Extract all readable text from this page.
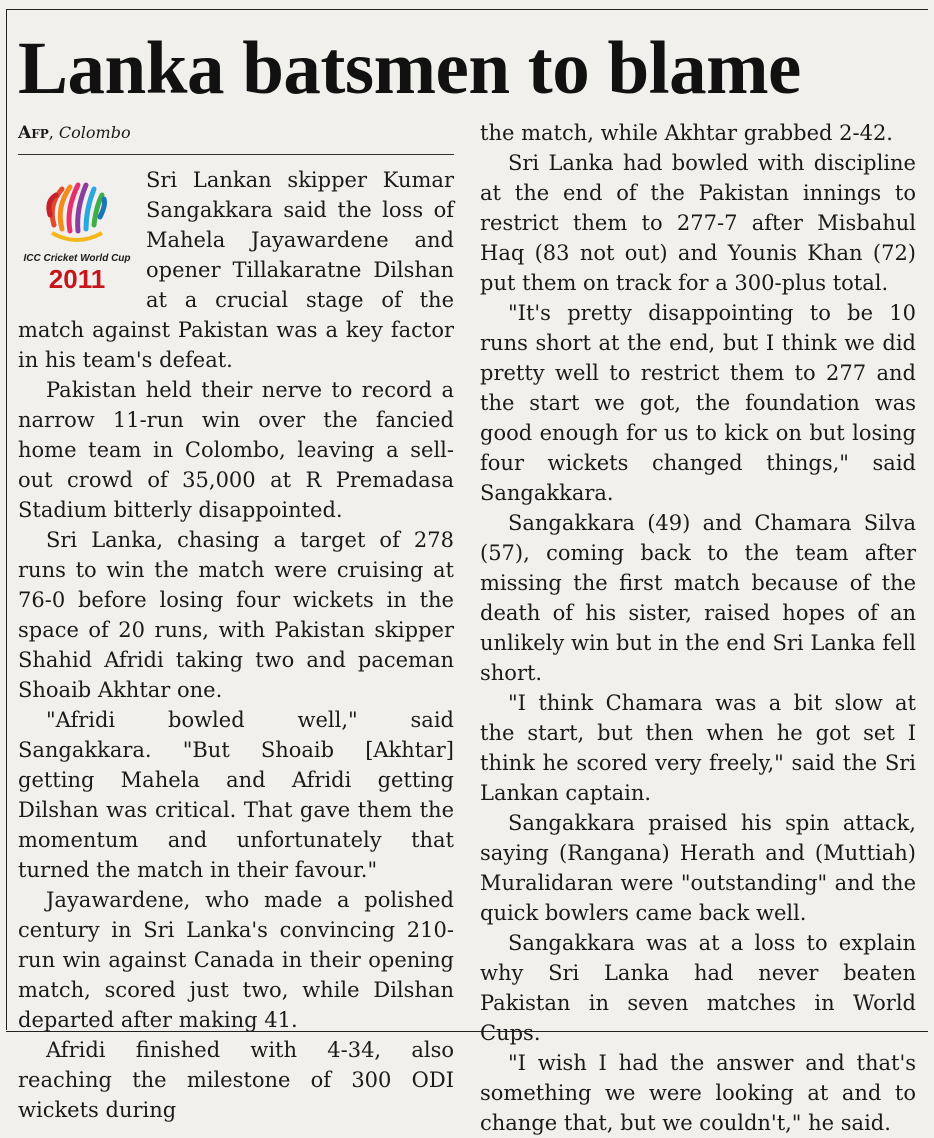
Lanka batsmen to blame
Afp, Colombo
ICC Cricket World Cup
2011

Sri Lankan skipper Kumar Sangakkara said the loss of Mahela Jayawardene and opener Tillakaratne Dilshan at a crucial stage of the match against Pakistan was a key factor in his team's defeat.

Pakistan held their nerve to record a narrow 11-run win over the fancied home team in Colombo, leaving a sell-out crowd of 35,000 at R Premadasa Stadium bitterly disappointed.

Sri Lanka, chasing a target of 278 runs to win the match were cruising at 76-0 before losing four wickets in the space of 20 runs, with Pakistan skipper Shahid Afridi taking two and paceman Shoaib Akhtar one.

"Afridi bowled well," said Sangakkara. "But Shoaib [Akhtar] getting Mahela and Afridi getting Dilshan was critical. That gave them the momentum and unfortunately that turned the match in their favour."

Jayawardene, who made a polished century in Sri Lanka's convincing 210-run win against Canada in their opening match, scored just two, while Dilshan departed after making 41.

Afridi finished with 4-34, also reaching the milestone of 300 ODI wickets during

the match, while Akhtar grabbed 2-42.

Sri Lanka had bowled with discipline at the end of the Pakistan innings to restrict them to 277-7 after Misbahul Haq (83 not out) and Younis Khan (72) put them on track for a 300-plus total.

"It's pretty disappointing to be 10 runs short at the end, but I think we did pretty well to restrict them to 277 and the start we got, the foundation was good enough for us to kick on but losing four wickets changed things," said Sangakkara.

Sangakkara (49) and Chamara Silva (57), coming back to the team after missing the first match because of the death of his sister, raised hopes of an unlikely win but in the end Sri Lanka fell short.

"I think Chamara was a bit slow at the start, but then when he got set I think he scored very freely," said the Sri Lankan captain.

Sangakkara praised his spin attack, saying (Rangana) Herath and (Muttiah) Muralidaran were "outstanding" and the quick bowlers came back well.

Sangakkara was at a loss to explain why Sri Lanka had never beaten Pakistan in seven matches in World Cups.

"I wish I had the answer and that's something we were looking at and to change that, but we couldn't," he said.
